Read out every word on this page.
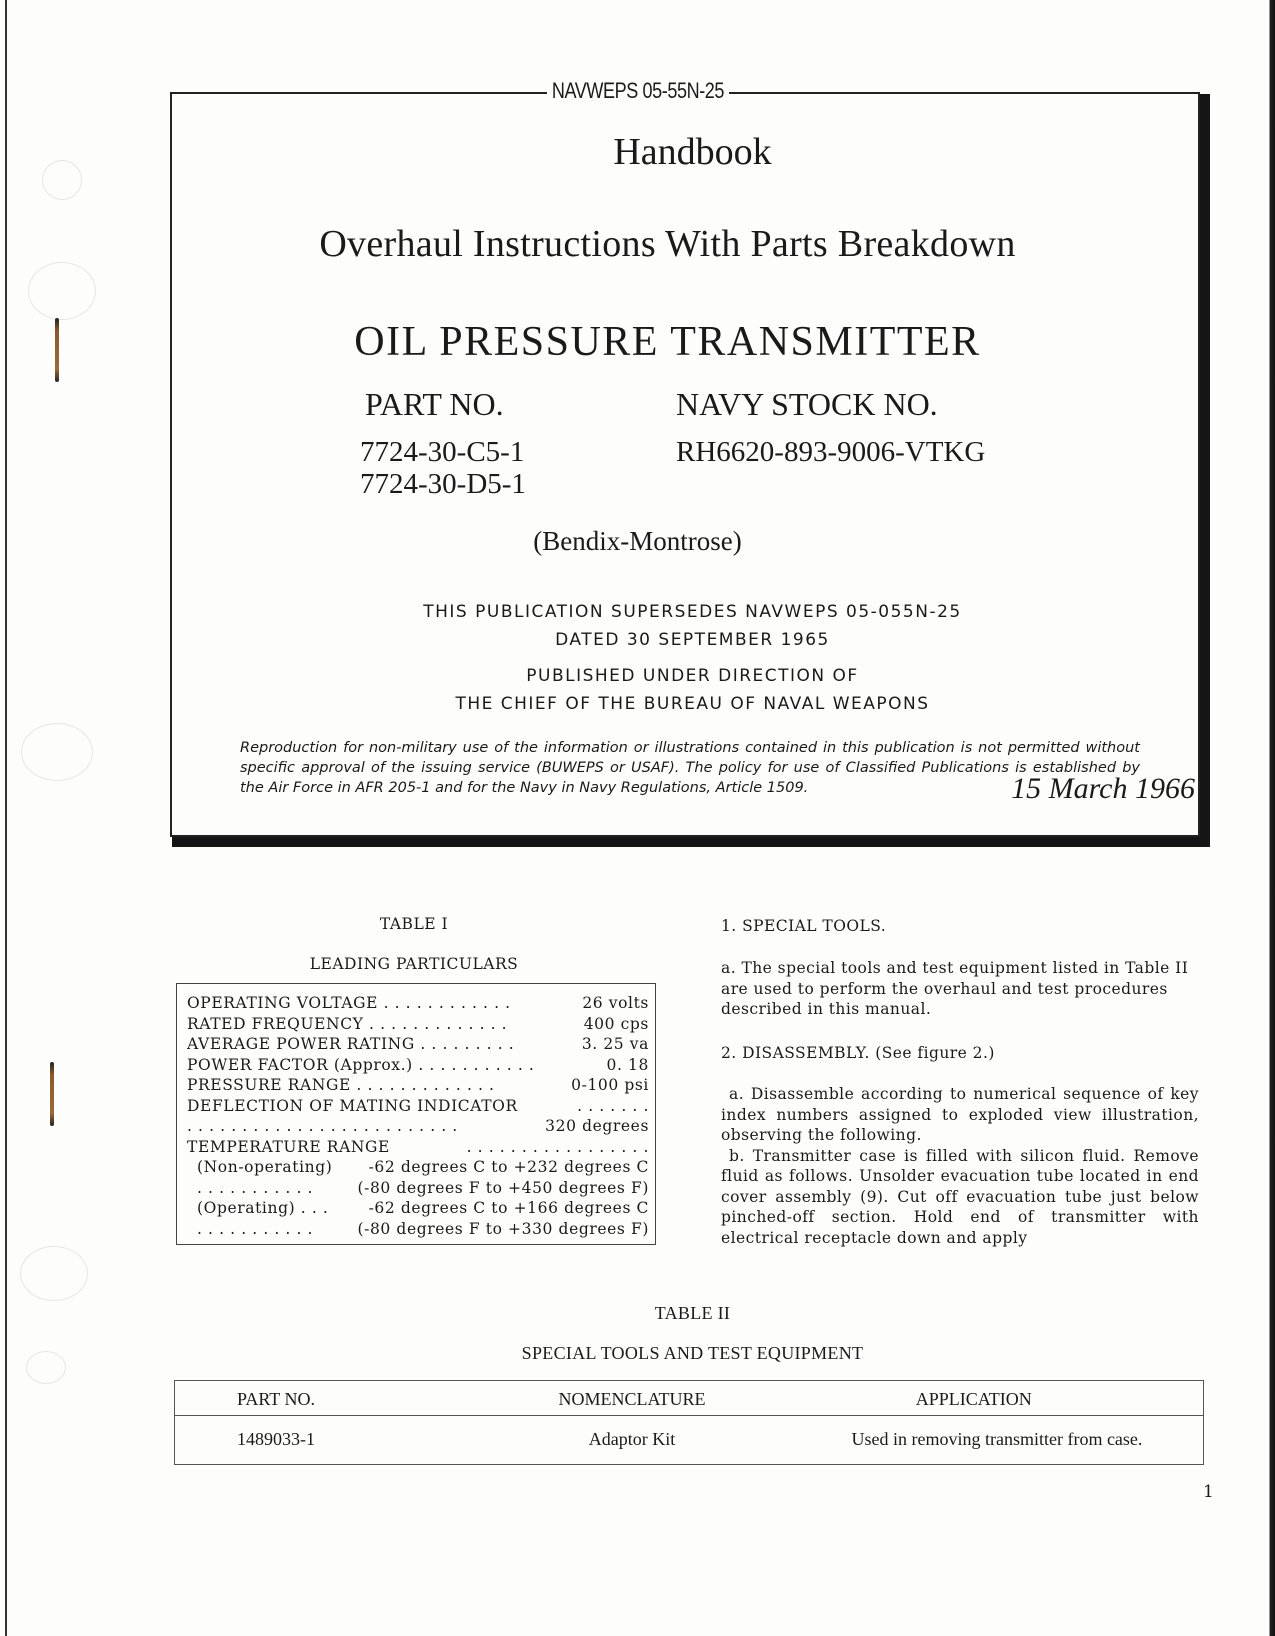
NAVWEPS 05-55N-25
Handbook
Overhaul Instructions With Parts Breakdown
OIL PRESSURE TRANSMITTER
PART NO.	NAVY STOCK NO.
7724-30-C5-1
7724-30-D5-1
RH6620-893-9006-VTKG
(Bendix-Montrose)
THIS PUBLICATION SUPERSEDES NAVWEPS 05-055N-25
DATED 30 SEPTEMBER 1965
PUBLISHED UNDER DIRECTION OF
THE CHIEF OF THE BUREAU OF NAVAL WEAPONS
Reproduction for non-military use of the information or illustrations contained in this publication is not permitted without specific approval of the issuing service (BUWEPS or USAF). The policy for use of Classified Publications is established by the Air Force in AFR 205-1 and for the Navy in Navy Regulations, Article 1509.	15 March 1966
TABLE I
LEADING PARTICULARS
OPERATING VOLTAGE . . . . . . . . . . . .	26 volts
RATED FREQUENCY . . . . . . . . . . . . .	400 cps
AVERAGE POWER RATING . . . . . . . . .	3. 25 va
POWER FACTOR (Approx.) . . . . . . . . . . .	0. 18
PRESSURE RANGE . . . . . . . . . . . . .	0-100 psi
DEFLECTION OF MATING INDICATOR	. . . . . . .
. . . . . . . . . . . . . . . . . . . . . . . . .	320 degrees
TEMPERATURE RANGE	. . . . . . . . . . . . . . . . .
(Non-operating) -62 degrees C to +232 degrees C
. . . . . . . . . . .	(-80 degrees F to +450 degrees F)
(Operating) . . .	-62 degrees C to +166 degrees C
. . . . . . . . . . .	(-80 degrees F to +330 degrees F)
1. SPECIAL TOOLS.

a. The special tools and test equipment listed in Table II are used to perform the overhaul and test procedures described in this manual.

2. DISASSEMBLY. (See figure 2.)

a. Disassemble according to numerical sequence of key index numbers assigned to exploded view illustration, observing the following.

b. Transmitter case is filled with silicon fluid. Remove fluid as follows. Unsolder evacuation tube located in end cover assembly (9). Cut off evacuation tube just below pinched-off section. Hold end of transmitter with electrical receptacle down and apply

TABLE II
SPECIAL TOOLS AND TEST EQUIPMENT
PART NO.	NOMENCLATURE	APPLICATION
1489033-1	Adaptor Kit	Used in removing transmitter from case.
1
